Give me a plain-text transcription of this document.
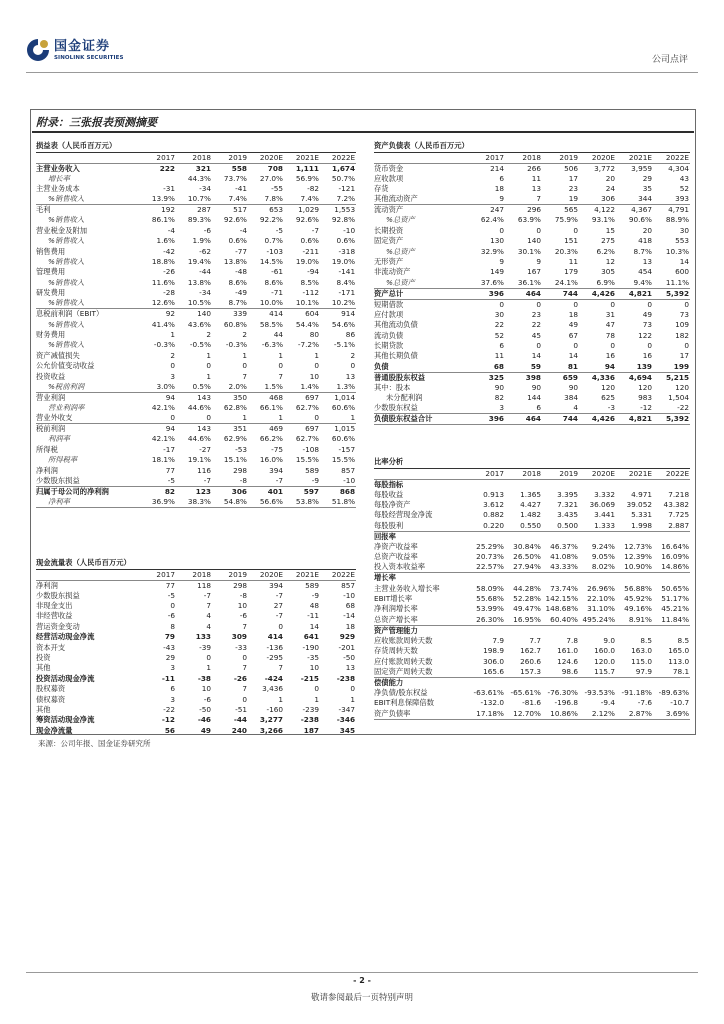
国金证券
SINOLINK SECURITIES	公司点评
附录：三张报表预测摘要
损益表（人民币百万元）						
	2017	2018	2019	2020E	2021E	2022E
主营业务收入	222	321	558	708	1,111	1,674
增长率		44.3%	73.7%	27.0%	56.9%	50.7%
主营业务成本	-31	-34	-41	-55	-82	-121
%销售收入	13.9%	10.7%	7.4%	7.8%	7.4%	7.2%
毛利	192	287	517	653	1,029	1,553
%销售收入	86.1%	89.3%	92.6%	92.2%	92.6%	92.8%
营业税金及附加	-4	-6	-4	-5	-7	-10
%销售收入	1.6%	1.9%	0.6%	0.7%	0.6%	0.6%
销售费用	-42	-62	-77	-103	-211	-318
%销售收入	18.8%	19.4%	13.8%	14.5%	19.0%	19.0%
管理费用	-26	-44	-48	-61	-94	-141
%销售收入	11.6%	13.8%	8.6%	8.6%	8.5%	8.4%
研发费用	-28	-34	-49	-71	-112	-171
%销售收入	12.6%	10.5%	8.7%	10.0%	10.1%	10.2%
息税前利润（EBIT）	92	140	339	414	604	914
%销售收入	41.4%	43.6%	60.8%	58.5%	54.4%	54.6%
财务费用	1	2	2	44	80	86
%销售收入	-0.3%	-0.5%	-0.3%	-6.3%	-7.2%	-5.1%
资产减值损失	2	1	1	1	1	2
公允价值变动收益	0	0	0	0	0	0
投资收益	3	1	7	7	10	13
%税前利润	3.0%	0.5%	2.0%	1.5%	1.4%	1.3%
营业利润	94	143	350	468	697	1,014
营业利润率	42.1%	44.6%	62.8%	66.1%	62.7%	60.6%
营业外收支	0	0	1	1	0	1
税前利润	94	143	351	469	697	1,015
利润率	42.1%	44.6%	62.9%	66.2%	62.7%	60.6%
所得税	-17	-27	-53	-75	-108	-157
所得税率	18.1%	19.1%	15.1%	16.0%	15.5%	15.5%
净利润	77	116	298	394	589	857
少数股东损益	-5	-7	-8	-7	-9	-10
归属于母公司的净利润	82	123	306	401	597	868
净利率	36.9%	38.3%	54.8%	56.6%	53.8%	51.8%
现金流量表（人民币百万元）						
	2017	2018	2019	2020E	2021E	2022E
净利润	77	118	298	394	589	857
少数股东损益	-5	-7	-8	-7	-9	-10
非现金支出	0	7	10	27	48	68
非经营收益	-6	4	-6	-7	-11	-14
营运资金变动	8	4	7	0	14	18
经营活动现金净流	79	133	309	414	641	929
资本开支	-43	-39	-33	-136	-190	-201
投资	29	0	0	-295	-35	-50
其他	3	1	7	7	10	13
投资活动现金净流	-11	-38	-26	-424	-215	-238
股权募资	6	10	7	3,436	0	0
债权募资	3	-6	0	1	1	1
其他	-22	-50	-51	-160	-239	-347
筹资活动现金净流	-12	-46	-44	3,277	-238	-346
现金净流量	56	49	240	3,266	187	345
资产负债表（人民币百万元）						
	2017	2018	2019	2020E	2021E	2022E
货币资金	214	266	506	3,772	3,959	4,304
应收款项	6	11	17	20	29	43
存货	18	13	23	24	35	52
其他流动资产	9	7	19	306	344	393
流动资产	247	296	565	4,122	4,367	4,791
%总资产	62.4%	63.9%	75.9%	93.1%	90.6%	88.9%
长期投资	0	0	0	15	20	30
固定资产	130	140	151	275	418	553
%总资产	32.9%	30.1%	20.3%	6.2%	8.7%	10.3%
无形资产	9	9	11	12	13	14
非流动资产	149	167	179	305	454	600
%总资产	37.6%	36.1%	24.1%	6.9%	9.4%	11.1%
资产总计	396	464	744	4,426	4,821	5,392
短期借款	0	0	0	0	0	0
应付款项	30	23	18	31	49	73
其他流动负债	22	22	49	47	73	109
流动负债	52	45	67	78	122	182
长期贷款	6	0	0	0	0	0
其他长期负债	11	14	14	16	16	17
负债	68	59	81	94	139	199
普通股股东权益	325	398	659	4,336	4,694	5,215
其中：股本	90	90	90	120	120	120
未分配利润	82	144	384	625	983	1,504
少数股东权益	3	6	4	-3	-12	-22
负债股东权益合计	396	464	744	4,426	4,821	5,392
比率分析						
	2017	2018	2019	2020E	2021E	2022E
每股指标						
每股收益	0.913	1.365	3.395	3.332	4.971	7.218
每股净资产	3.612	4.427	7.321	36.069	39.052	43.382
每股经营现金净流	0.882	1.482	3.435	3.441	5.331	7.725
每股股利	0.220	0.550	0.500	1.333	1.998	2.887
回报率						
净资产收益率	25.29%	30.84%	46.37%	9.24%	12.73%	16.64%
总资产收益率	20.73%	26.50%	41.08%	9.05%	12.39%	16.09%
投入资本收益率	22.57%	27.94%	43.33%	8.02%	10.90%	14.86%
增长率						
主营业务收入增长率	58.09%	44.28%	73.74%	26.96%	56.88%	50.65%
EBIT增长率	55.68%	52.28%	142.15%	22.10%	45.92%	51.17%
净利润增长率	53.99%	49.47%	148.68%	31.10%	49.16%	45.21%
总资产增长率	26.30%	16.95%	60.40%	495.24%	8.91%	11.84%
资产管理能力						
应收账款周转天数	7.9	7.7	7.8	9.0	8.5	8.5
存货周转天数	198.9	162.7	161.0	160.0	163.0	165.0
应付账款周转天数	306.0	260.6	124.6	120.0	115.0	113.0
固定资产周转天数	165.6	157.3	98.6	115.7	97.9	78.1
偿债能力						
净负债/股东权益	-63.61%	-65.61%	-76.30%	-93.53%	-91.18%	-89.63%
EBIT利息保障倍数	-132.0	-81.6	-196.8	-9.4	-7.6	-10.7
资产负债率	17.18%	12.70%	10.86%	2.12%	2.87%	3.69%
来源：公司年报、国金证券研究所
- 2 -
敬请参阅最后一页特别声明
